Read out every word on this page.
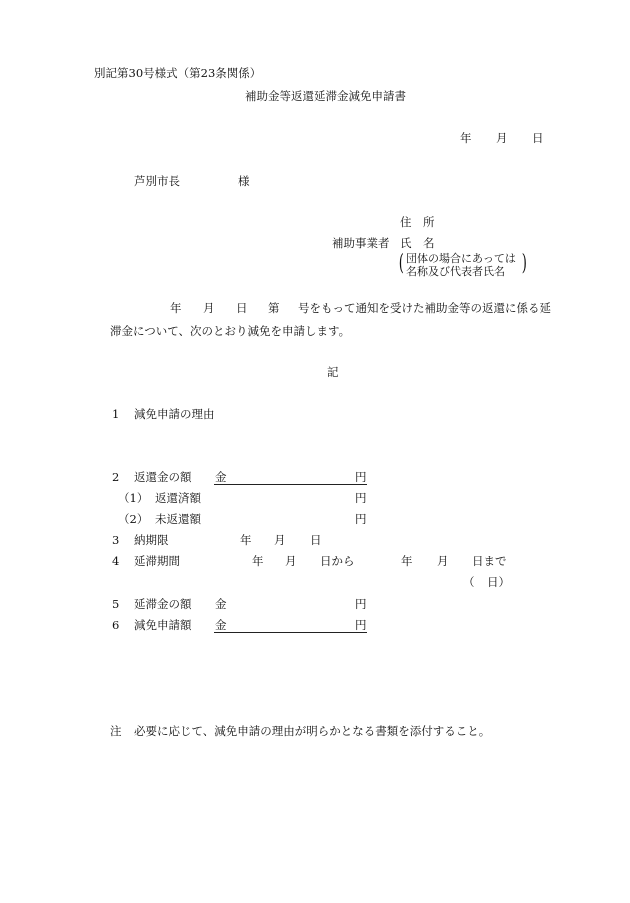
別記第30号様式（第23条関係）
補助金等返還延滞金減免申請書
年 月 日
芦別市長	様
住　所
補助事業者 氏　名
( 団体の場合にあっては
名称及び代表者氏名 )
年 月 日 第 号をもって通知を受けた補助金等の返還に係る延
滞金について、次のとおり減免を申請します。
記
1 減免申請の理由
2 返還金の額 金	円
（1） 返還済額	円
（2） 未返還額	円
3 納期限	年 月 日
4 延滞期間	年 月 日から	年 月 日まで
（ 日）
5 延滞金の額 金	円
6 減免申請額 金	円
注 必要に応じて、減免申請の理由が明らかとなる書類を添付すること。
